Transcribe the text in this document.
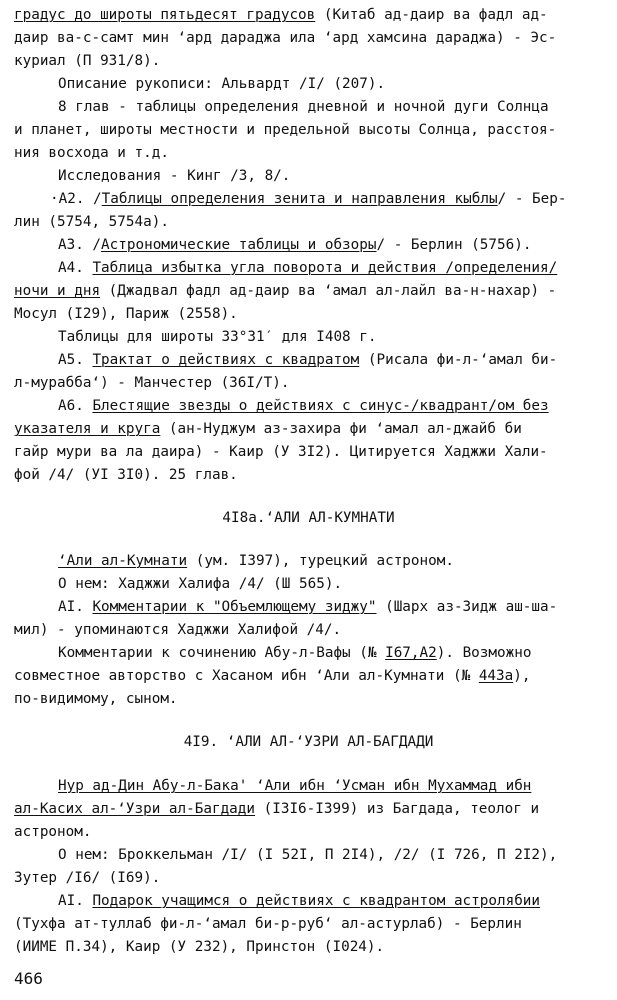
градус до широты пятьдесят градусов (Китаб ад-даир ва фадл ад-
даир ва-с-самт мин ʻард дараджа ила ʻард хамсина дараджа) - Эс-
куриал (П 931/8).
Описание рукописи: Альвардт /I/ (207).
8 глав - таблицы определения дневной и ночной дуги Солнца
и планет, широты местности и предельной высоты Солнца, расстоя-
ния восхода и т.д.
Исследования - Кинг /3, 8/.
·А2. /Таблицы определения зенита и направления кыблы/ - Бер-
лин (5754, 5754а).
А3. /Астрономические таблицы и обзоры/ - Берлин (5756).
А4. Таблица избытка угла поворота и действия /определения/
ночи и дня (Джадвал фадл ад-даир ва ʻамал ал-лайл ва-н-нахар) -
Мосул (I29), Париж (2558).
Таблицы для широты 33°31′ для I408 г.
А5. Трактат о действиях с квадратом (Рисала фи-л-ʻамал би-
л-мураббаʻ) - Манчестер (36I/Т).
А6. Блестящие звезды о действиях с синус-/квадрант/ом без
указателя и круга (ан-Нуджум аз-захира фи ʻамал ал-джайб би
гайр мури ва ла даира) - Каир (У 3I2). Цитируется Хаджжи Хали-
фой /4/ (УI 3I0). 25 глав.
4I8а.ʻАЛИ АЛ-КУМНАТИ
ʻАли ал-Кумнати (ум. I397), турецкий астроном.
О нем: Хаджжи Халифа /4/ (Ш 565).
АI. Комментарии к "Объемлющему зиджу" (Шарх аз-Зидж аш-ша-
мил) - упоминаются Хаджжи Халифой /4/.
Комментарии к сочинению Абу-л-Вафы (№ I67,А2). Возможно
совместное авторство с Хасаном ибн ʻАли ал-Кумнати (№ 443а),
по-видимому, сыном.
4I9. ʻАЛИ АЛ-ʻУЗРИ АЛ-БАГДАДИ
Нур ад-Дин Абу-л-Бака' ʻАли ибн ʻУсман ибн Мухаммад ибн
ал-Касих ал-ʻУзри ал-Багдади (I3I6-I399) из Багдада, теолог и
астроном.
О нем: Броккельман /I/ (I 52I, П 2I4), /2/ (I 726, П 2I2),
Зутер /I6/ (I69).
АI. Подарок учащимся о действиях с квадрантом астролябии
(Тухфа ат-туллаб фи-л-ʻамал би-р-рубʻ ал-астурлаб) - Берлин
(ИИМЕ П.34), Каир (У 232), Принстон (I024).
466
